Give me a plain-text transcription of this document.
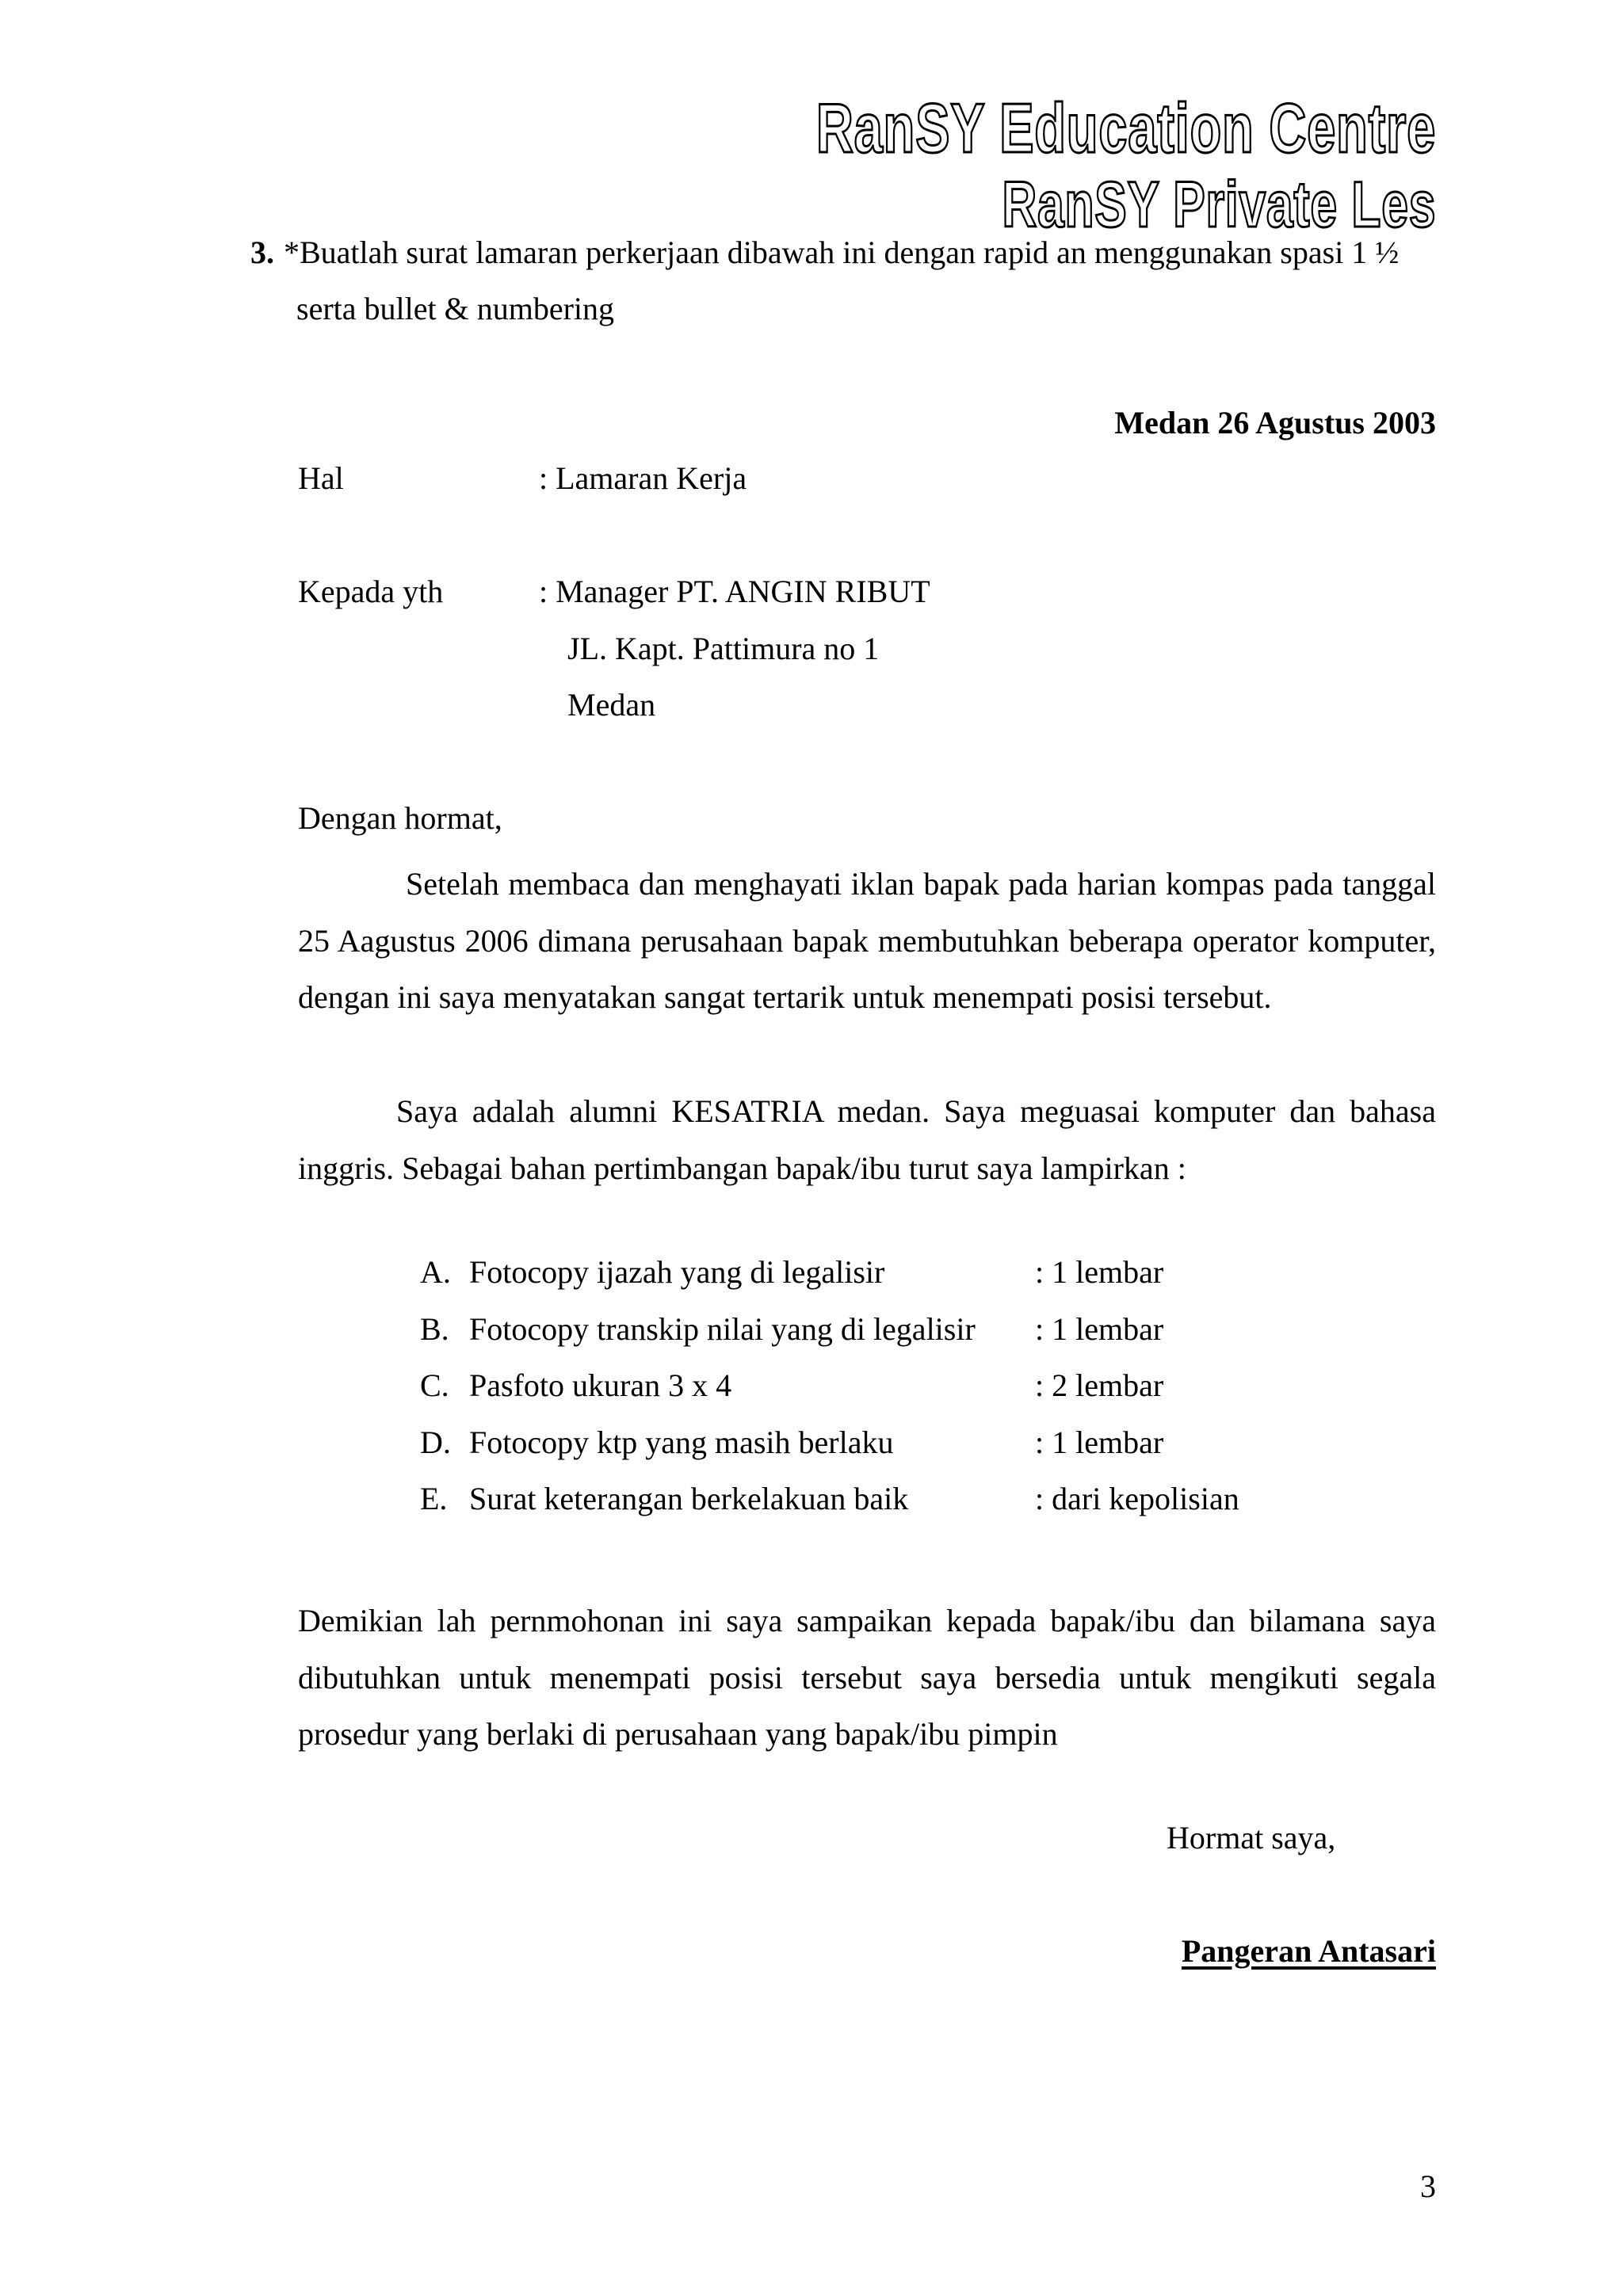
RanSY Education Centre
RanSY Private Les
3. *Buatlah surat lamaran perkerjaan dibawah ini dengan rapid an menggunakan spasi 1 ½
serta bullet & numbering
Medan 26 Agustus 2003
Hal	: Lamaran Kerja
Kepada yth	: Manager PT. ANGIN RIBUT
JL. Kapt. Pattimura no 1
Medan
Dengan hormat,
Setelah membaca dan menghayati iklan bapak pada harian kompas pada tanggal 25 Aagustus 2006 dimana perusahaan bapak membutuhkan beberapa operator komputer, dengan ini saya menyatakan sangat tertarik untuk menempati posisi tersebut.
Saya adalah alumni KESATRIA medan. Saya meguasai komputer dan bahasa inggris. Sebagai bahan pertimbangan bapak/ibu turut saya lampirkan :
A. Fotocopy ijazah yang di legalisir	: 1 lembar
B. Fotocopy transkip nilai yang di legalisir : 1 lembar
C. Pasfoto ukuran 3 x 4	: 2 lembar
D. Fotocopy ktp yang masih berlaku	: 1 lembar
E. Surat keterangan berkelakuan baik	: dari kepolisian
Demikian lah pernmohonan ini saya sampaikan kepada bapak/ibu dan bilamana saya dibutuhkan untuk menempati posisi tersebut saya bersedia untuk mengikuti segala prosedur yang berlaki di perusahaan yang bapak/ibu pimpin
Hormat saya,
Pangeran Antasari
3
